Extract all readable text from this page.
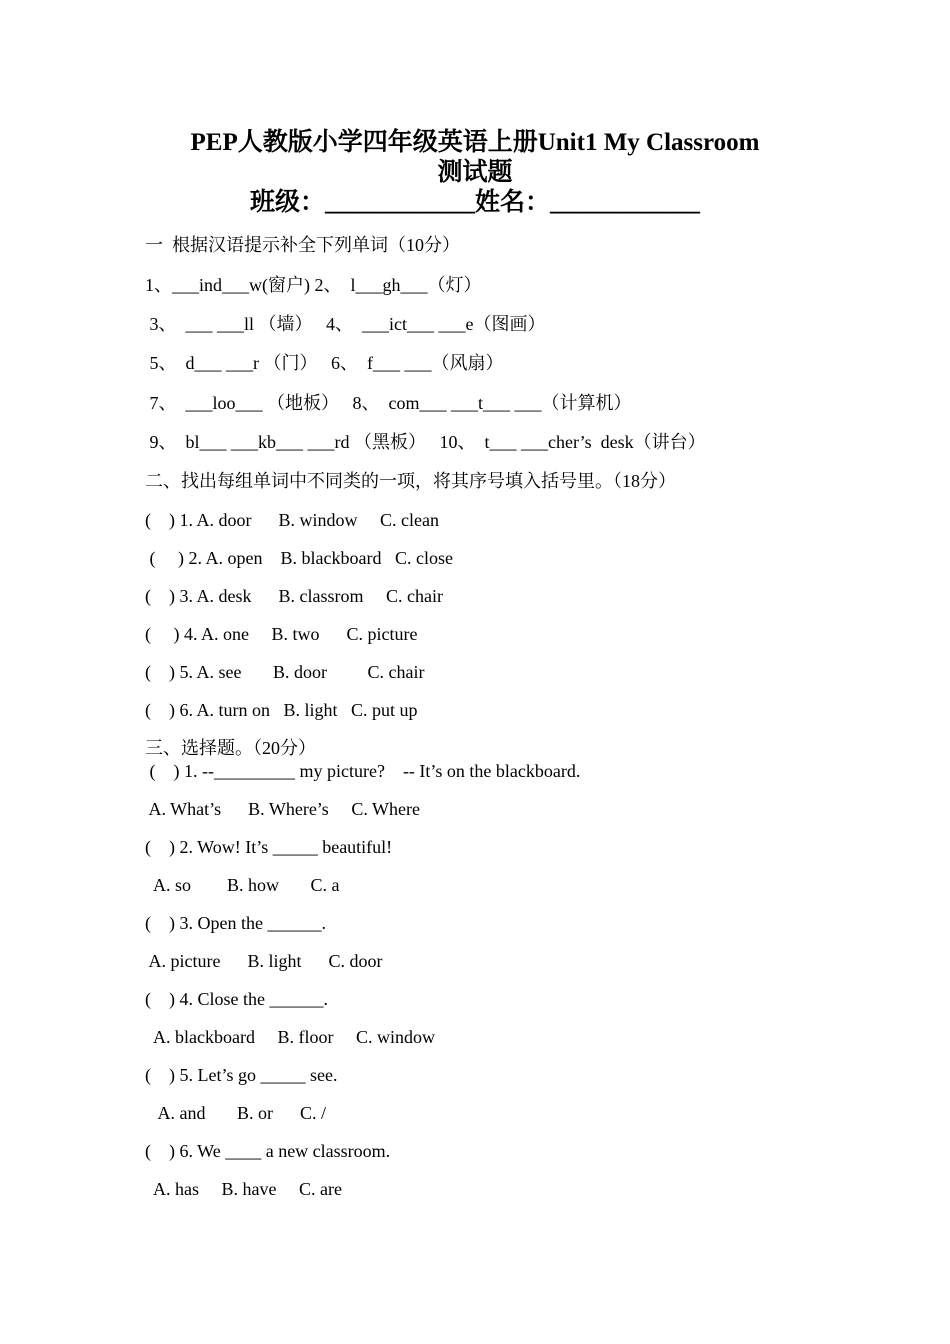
PEP人教版小学四年级英语上册Unit1 My Classroom
测试题
班级：____________姓名：____________
一  根据汉语提示补全下列单词（10分）
1、___ind___w(窗户) 2、  l___gh___（灯）
3、  ___ ___ll （墙）   4、  ___ict___ ___e（图画）
5、  d___ ___r （门）   6、  f___ ___（风扇）
7、  ___loo___ （地板）   8、  com___ ___t___ ___（计算机）
9、  bl___ ___kb___ ___rd （黑板）   10、  t___ ___cher’s  desk（讲台）
二、找出每组单词中不同类的一项，将其序号填入括号里。（18分）
(    ) 1. A. door      B. window     C. clean
(     ) 2. A. open    B. blackboard   C. close
(    ) 3. A. desk      B. classrom     C. chair
(     ) 4. A. one     B. two      C. picture
(    ) 5. A. see       B. door         C. chair
(    ) 6. A. turn on   B. light   C. put up
三、选择题。（20分）
(    ) 1. --_________ my picture?    -- It’s on the blackboard.
A. What’s      B. Where’s     C. Where
(    ) 2. Wow! It’s _____ beautiful!
A. so        B. how       C. a
(    ) 3. Open the ______.
A. picture      B. light      C. door
(    ) 4. Close the ______.
A. blackboard     B. floor     C. window
(    ) 5. Let’s go _____ see.
A. and       B. or      C. /
(    ) 6. We ____ a new classroom.
A. has     B. have     C. are
